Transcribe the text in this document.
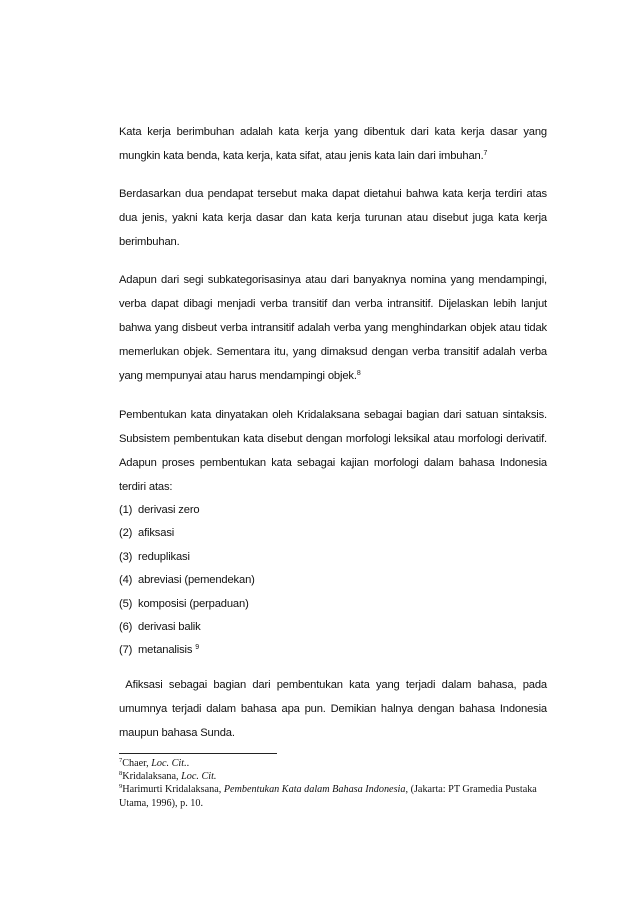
Kata kerja berimbuhan adalah kata kerja yang dibentuk dari kata kerja dasar yang mungkin kata benda, kata kerja, kata sifat, atau jenis kata lain dari imbuhan.$^7$

Berdasarkan dua pendapat tersebut maka dapat dietahui bahwa kata kerja terdiri atas dua jenis, yakni kata kerja dasar dan kata kerja turunan atau disebut juga kata kerja berimbuhan.

Adapun dari segi subkategorisasinya atau dari banyaknya nomina yang mendampingi, verba dapat dibagi menjadi verba transitif dan verba intransitif. Dijelaskan lebih lanjut bahwa yang disbeut verba intransitif adalah verba yang menghindarkan objek atau tidak memerlukan objek. Sementara itu, yang dimaksud dengan verba transitif adalah verba yang mempunyai atau harus mendampingi objek.$^8$

Pembentukan kata dinyatakan oleh Kridalaksana sebagai bagian dari satuan sintaksis. Subsistem pembentukan kata disebut dengan morfologi leksikal atau morfologi derivatif. Adapun proses pembentukan kata sebagai kajian morfologi dalam bahasa Indonesia terdiri atas:

(1) derivasi zero
(2) afiksasi
(3) reduplikasi
(4) abreviasi (pemendekan)
(5) komposisi (perpaduan)
(6) derivasi balik
(7) metanalisis $^9$

Afiksasi sebagai bagian dari pembentukan kata yang terjadi dalam bahasa, pada umumnya terjadi dalam bahasa apa pun. Demikian halnya dengan bahasa Indonesia maupun bahasa Sunda.

$^7$Chaer, Loc. Cit..

$^8$Kridalaksana, Loc. Cit.

$^9$Harimurti Kridalaksana, Pembentukan Kata dalam Bahasa Indonesia, (Jakarta: PT Gramedia Pustaka Utama, 1996), p. 10.
